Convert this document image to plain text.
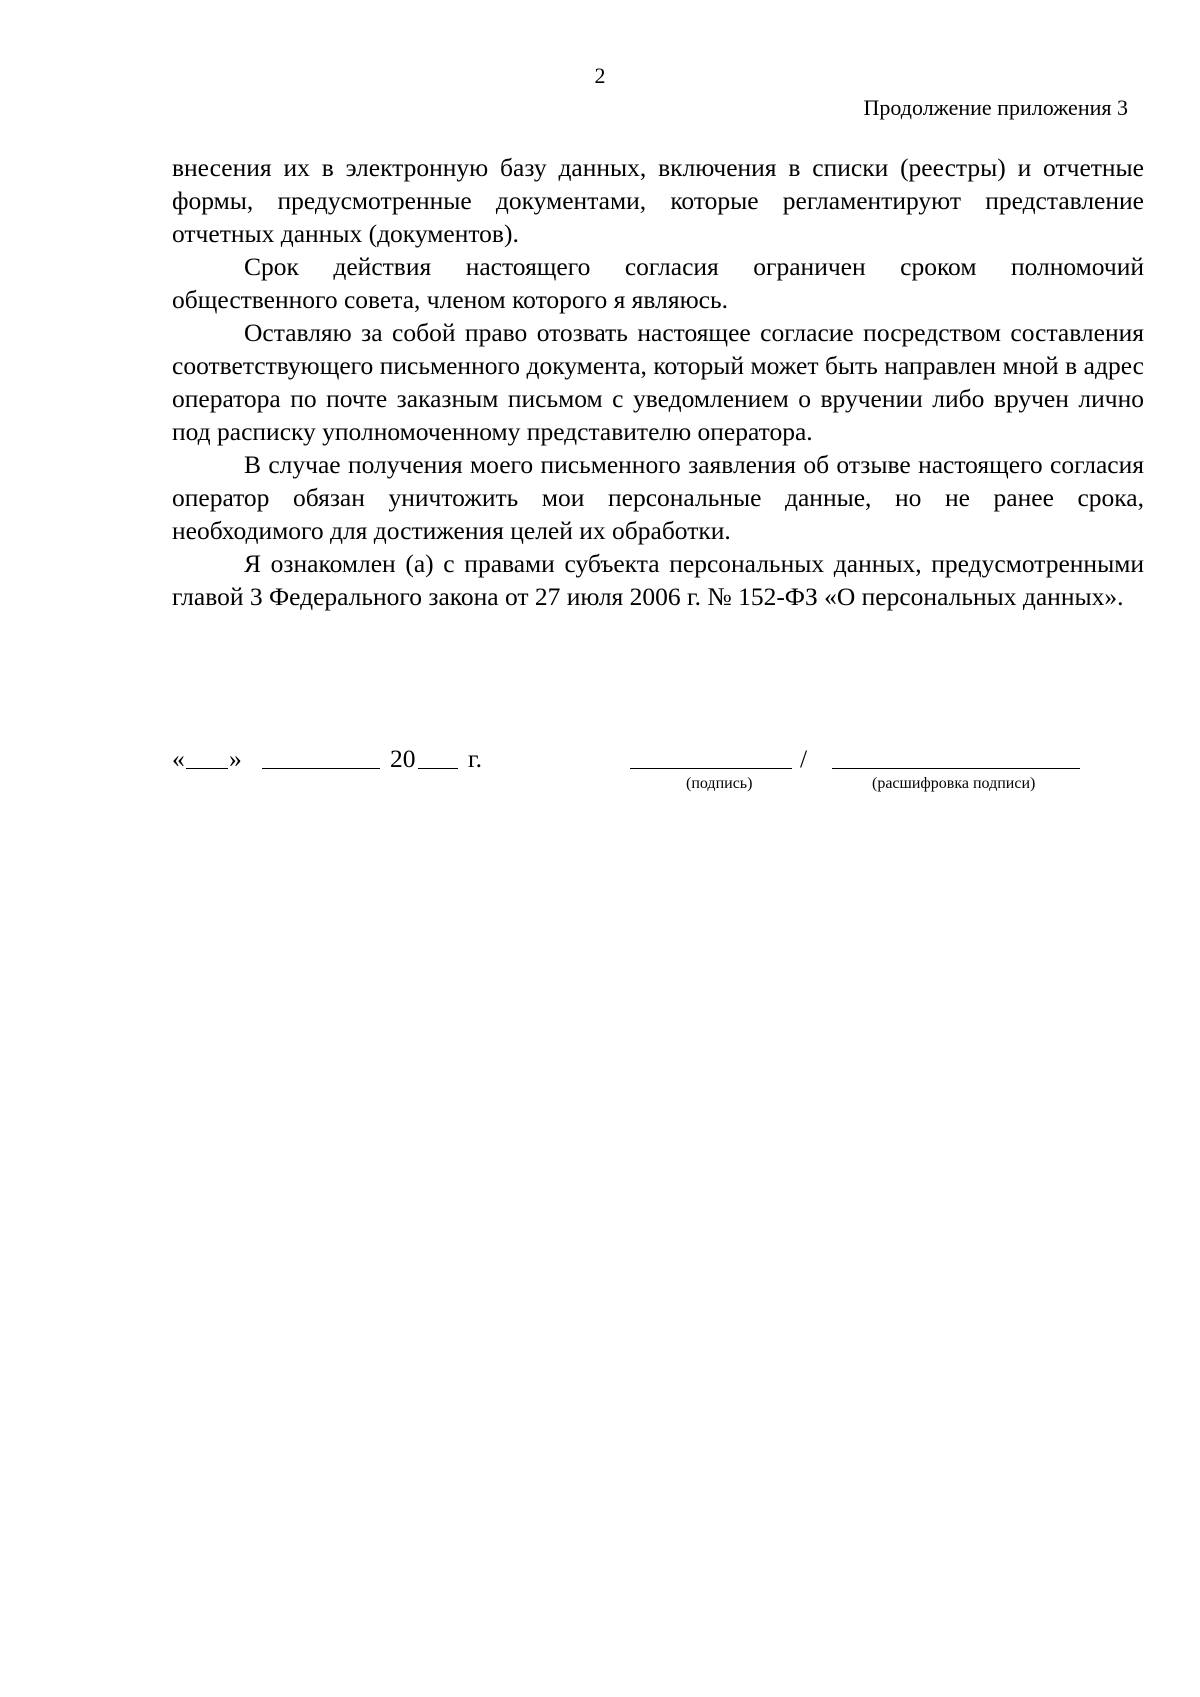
2
Продолжение приложения 3

внесения их в электронную базу данных, включения в списки (реестры) и отчетные формы, предусмотренные документами, которые регламентируют представление отчетных данных (документов).

Срок действия настоящего согласия ограничен сроком полномочий общественного совета, членом которого я являюсь.

Оставляю за собой право отозвать настоящее согласие посредством составления соответствующего письменного документа, который может быть направлен мной в адрес оператора по почте заказным письмом с уведомлением о вручении либо вручен лично под расписку уполномоченному представителю оператора.

В случае получения моего письменного заявления об отзыве настоящего согласия оператор обязан уничтожить мои персональные данные, но не ранее срока, необходимого для достижения целей их обработки.

Я ознакомлен (а) с правами субъекта персональных данных, предусмотренными главой 3 Федерального закона от 27 июля 2006 г. № 152-ФЗ «О персональных данных».

« »	20 г.	/
(подпись)	(расшифровка подписи)
